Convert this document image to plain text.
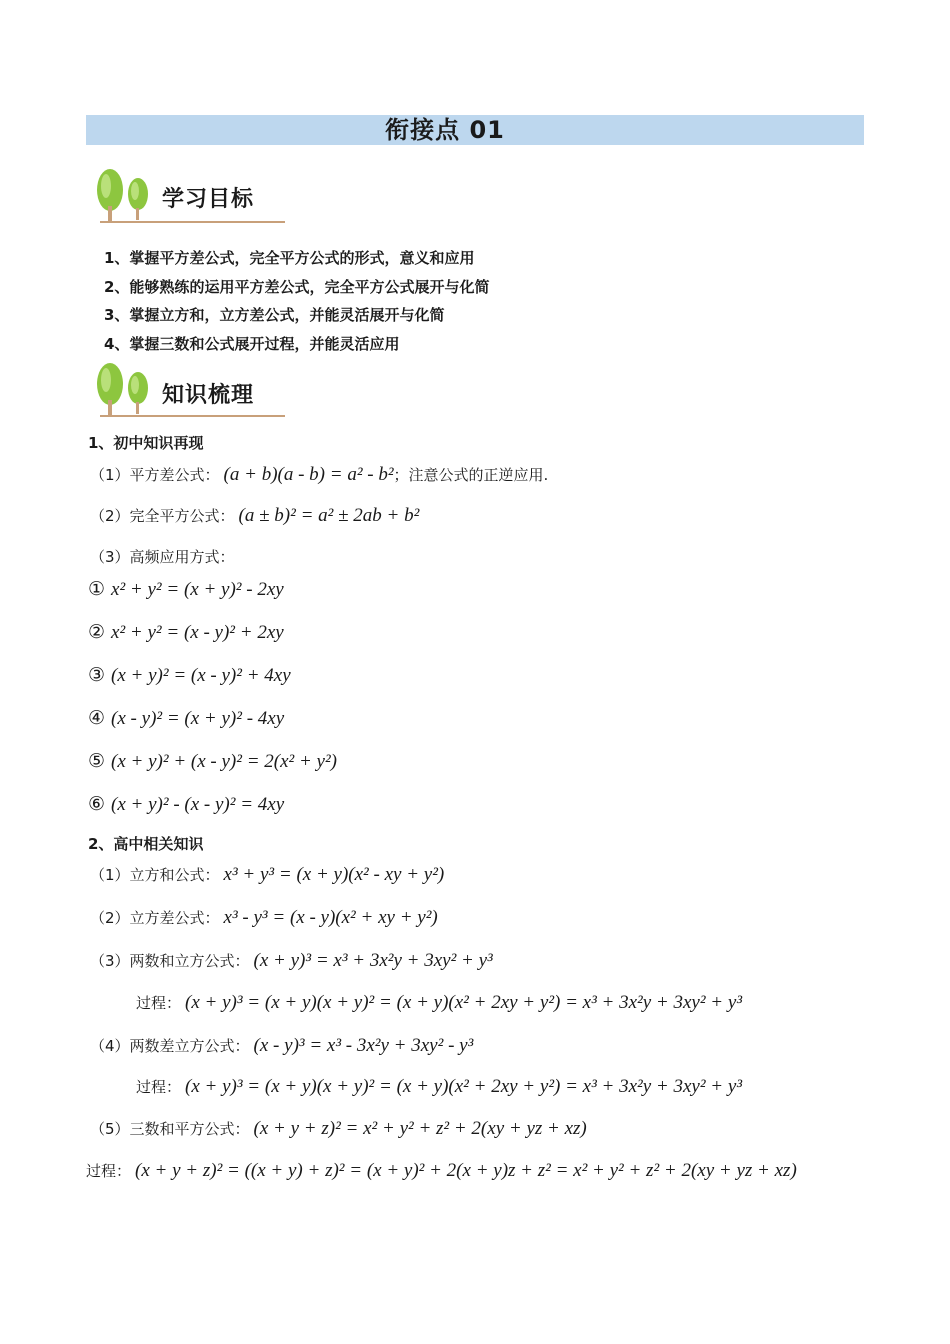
衔接点 01
学习目标
1、掌握平方差公式，完全平方公式的形式，意义和应用
2、能够熟练的运用平方差公式，完全平方公式展开与化简
3、掌握立方和，立方差公式，并能灵活展开与化简
4、掌握三数和公式展开过程，并能灵活应用
知识梳理
1、初中知识再现
（1）平方差公式： (a + b)(a - b) = a² - b²；注意公式的正逆应用.
（2）完全平方公式： (a ± b)² = a² ± 2ab + b²
（3）高频应用方式：
① x² + y² = (x + y)² - 2xy
② x² + y² = (x - y)² + 2xy
③ (x + y)² = (x - y)² + 4xy
④ (x - y)² = (x + y)² - 4xy
⑤ (x + y)² + (x - y)² = 2(x² + y²)
⑥ (x + y)² - (x - y)² = 4xy
2、高中相关知识
（1）立方和公式： x³ + y³ = (x + y)(x² - xy + y²)
（2）立方差公式： x³ - y³ = (x - y)(x² + xy + y²)
（3）两数和立方公式： (x + y)³ = x³ + 3x²y + 3xy² + y³
过程： (x + y)³ = (x + y)(x + y)² = (x + y)(x² + 2xy + y²) = x³ + 3x²y + 3xy² + y³
（4）两数差立方公式： (x - y)³ = x³ - 3x²y + 3xy² - y³
过程： (x + y)³ = (x + y)(x + y)² = (x + y)(x² + 2xy + y²) = x³ + 3x²y + 3xy² + y³
（5）三数和平方公式： (x + y + z)² = x² + y² + z² + 2(xy + yz + xz)
过程： (x + y + z)² = ((x + y) + z)² = (x + y)² + 2(x + y)z + z² = x² + y² + z² + 2(xy + yz + xz)
